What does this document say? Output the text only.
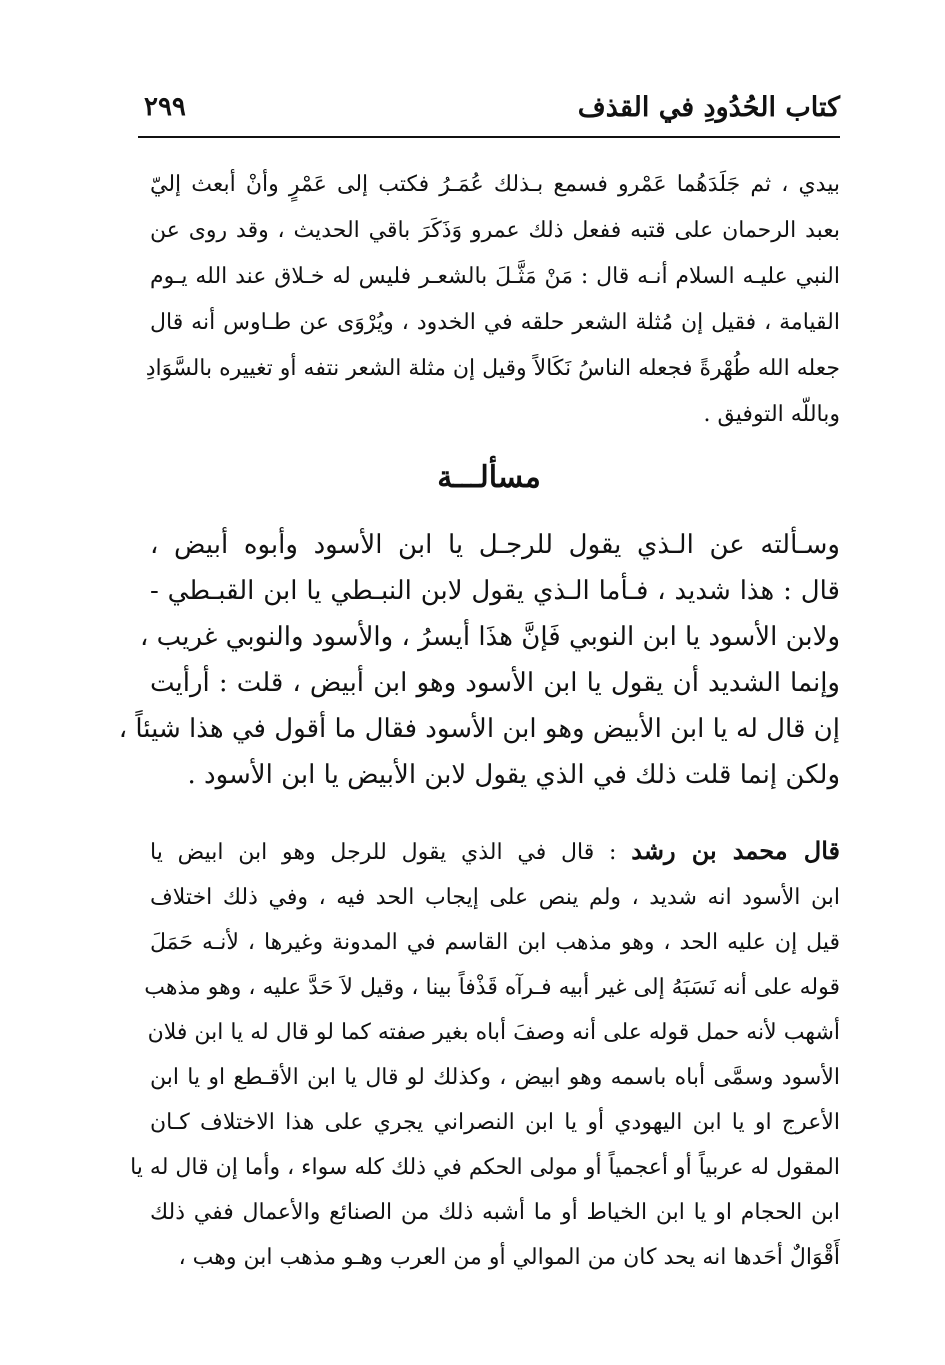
كتاب الحُدُودِ في القذف
٢٩٩

بيدي ، ثم جَلَدَهُما عَمْرو فسمع بـذلك عُمَـرُ فكتب إلى عَمْرٍ وأنْ أبعث إليّ

بعبد الرحمان على قتبه ففعل ذلك عمرو وَذَكَرَ باقي الحديث ، وقد روى عن

النبي عليـه السلام أنـه قال : مَنْ مَثَّـلَ بالشعـر فليس له خـلاق عند الله يـوم

القيامة ، فقيل إن مُثلة الشعر حلقه في الخدود ، ويُرْوَى عن طـاوس أنه قال

جعله الله طُهْرةً فجعله الناسُ نَكَالاً وقيل إن مثلة الشعر نتفه أو تغييره بالسَّوَادِ

وباللّه التوفيق .

مسألـــة

وسـألته عن الـذي يقول للرجـل يا ابن الأسود وأبوه أبيض ،

قال : هذا شديد ، فـأما الـذي يقول لابن النبـطي يا ابن القبـطي -

ولابن الأسود يا ابن النوبي فَإنَّ هذَا أيسرُ ، والأسود والنوبي غريب ،

وإنما الشديد أن يقول يا ابن الأسود وهو ابن أبيض ، قلت : أرأيت

إن قال له يا ابن الأبيض وهو ابن الأسود فقال ما أقول في هذا شيئاً ،

ولكن إنما قلت ذلك في الذي يقول لابن الأبيض يا ابن الأسود .

قال محمد بن رشد : قال في الذي يقول للرجل وهو ابن ابيض يا

ابن الأسود انه شديد ، ولم ينص على إيجاب الحد فيه ، وفي ذلك اختلاف

قيل إن عليه الحد ، وهو مذهب ابن القاسم في المدونة وغيرها ، لأنـه حَمَلَ

قوله على أنه نَسَبَهُ إلى غير أبيه فـرآه قَذْفاً بينا ، وقيل لاَ حَدَّ عليه ، وهو مذهب

أشهب لأنه حمل قوله على أنه وصفَ أباه بغير صفته كما لو قال له يا ابن فلان

الأسود وسمَّى أباه باسمه وهو ابيض ، وكذلك لو قال يا ابن الأقـطع او يا ابن

الأعرج او يا ابن اليهودي أو يا ابن النصراني يجري على هذا الاختلاف كـان

المقول له عربياً أو أعجمياً أو مولى الحكم في ذلك كله سواء ، وأما إن قال له يا

ابن الحجام او يا ابن الخياط أو ما أشبه ذلك من الصنائع والأعمال ففي ذلك

أَقْوَالٌ أحَدها انه يحد كان من الموالي أو من العرب وهـو مذهب ابن وهب ،
